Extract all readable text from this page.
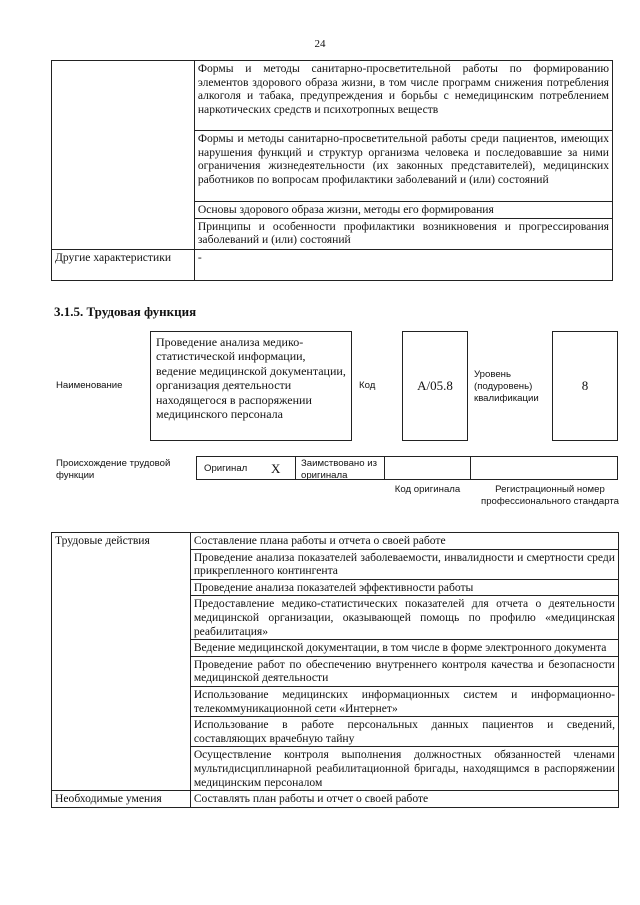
24
	Формы и методы санитарно-просветительной работы по формированию элементов здорового образа жизни, в том числе программ снижения потребления алкоголя и табака, предупреждения и борьбы с немедицинским потреблением наркотических средств и психотропных веществ
	Формы и методы санитарно-просветительной работы среди пациентов, имеющих нарушения функций и структур организма человека и последовавшие за ними ограничения жизнедеятельности (их законных представителей), медицинских работников по вопросам профилактики заболеваний и (или) состояний
	Основы здорового образа жизни, методы его формирования
	Принципы и особенности профилактики возникновения и прогрессирования заболеваний и (или) состояний
Другие характеристики	-
3.1.5. Трудовая функция
Наименование
Проведение анализа медико-статистической информации, ведение медицинской документации, организация деятельности находящегося в распоряжении медицинского персонала
Код	A/05.8
Уровень (подуровень) квалификации
8
Происхождение трудовой функции
Оригинал X	Заимствовано из оригинала
Код оригинала	Регистрационный номер профессионального стандарта
Трудовые действия	Составление плана работы и отчета о своей работе
	Проведение анализа показателей заболеваемости, инвалидности и смертности среди прикрепленного контингента
	Проведение анализа показателей эффективности работы
	Предоставление медико-статистических показателей для отчета о деятельности медицинской организации, оказывающей помощь по профилю «медицинская реабилитация»
	Ведение медицинской документации, в том числе в форме электронного документа
	Проведение работ по обеспечению внутреннего контроля качества и безопасности медицинской деятельности
	Использование медицинских информационных систем и информационно-телекоммуникационной сети «Интернет»
	Использование в работе персональных данных пациентов и сведений, составляющих врачебную тайну
	Осуществление контроля выполнения должностных обязанностей членами мультидисциплинарной реабилитационной бригады, находящимся в распоряжении медицинским персоналом
Необходимые умения	Составлять план работы и отчет о своей работе
